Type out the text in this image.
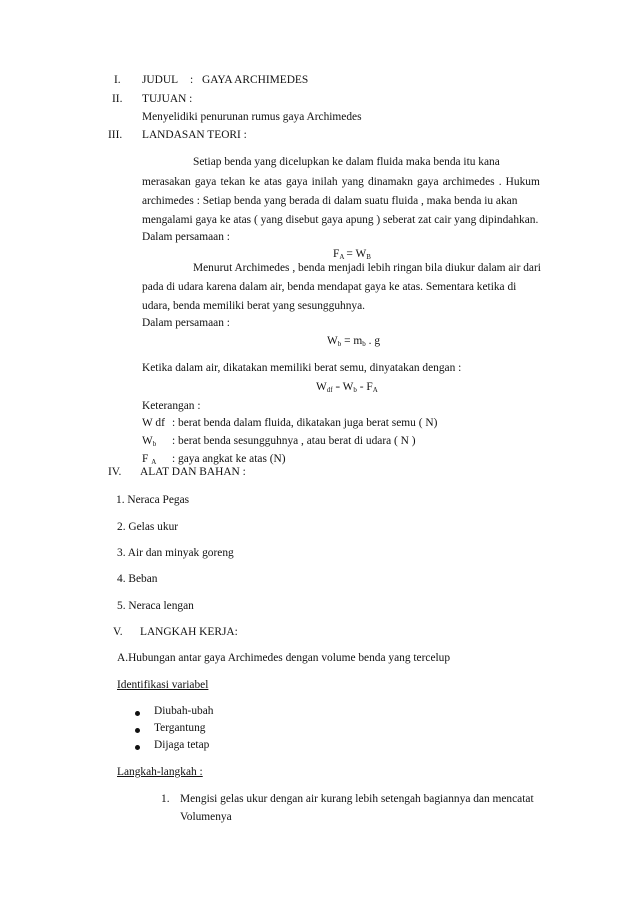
I. JUDUL : GAYA ARCHIMEDES
II. TUJUAN :
Menyelidiki penurunan rumus gaya Archimedes
III. LANDASAN TEORI :
Setiap benda yang dicelupkan ke dalam fluida maka benda itu kana
merasakan gaya tekan ke atas gaya inilah yang dinamakn gaya archimedes . Hukum
archimedes : Setiap benda yang berada di dalam suatu fluida , maka benda iu akan
mengalami gaya ke atas ( yang disebut gaya apung ) seberat zat cair yang dipindahkan.
Dalam persamaan :
$F_A = W_B$
Menurut Archimedes , benda menjadi lebih ringan bila diukur dalam air dari
pada di udara karena dalam air, benda mendapat gaya ke atas. Sementara ketika di
udara, benda memiliki berat yang sesungguhnya.
Dalam persamaan :
$W_b = m_b$ . g
Ketika dalam air, dikatakan memiliki berat semu, dinyatakan dengan :
$W_{df} = W_b - F_A$
Keterangan :
W df : berat benda dalam fluida, dikatakan juga berat semu ( N)
$W_b$ : berat benda sesungguhnya , atau berat di udara ( N )
F $_A$ : gaya angkat ke atas (N)
IV. ALAT DAN BAHAN :
1. Neraca Pegas
2. Gelas ukur
3. Air dan minyak goreng
4. Beban
5. Neraca lengan
V. LANGKAH KERJA:
A.Hubungan antar gaya Archimedes dengan volume benda yang tercelup
Identifikasi variabel
Diubah-ubah
Tergantung
Dijaga tetap
Langkah-langkah :
1. Mengisi gelas ukur dengan air kurang lebih setengah bagiannya dan mencatat
Volumenya
